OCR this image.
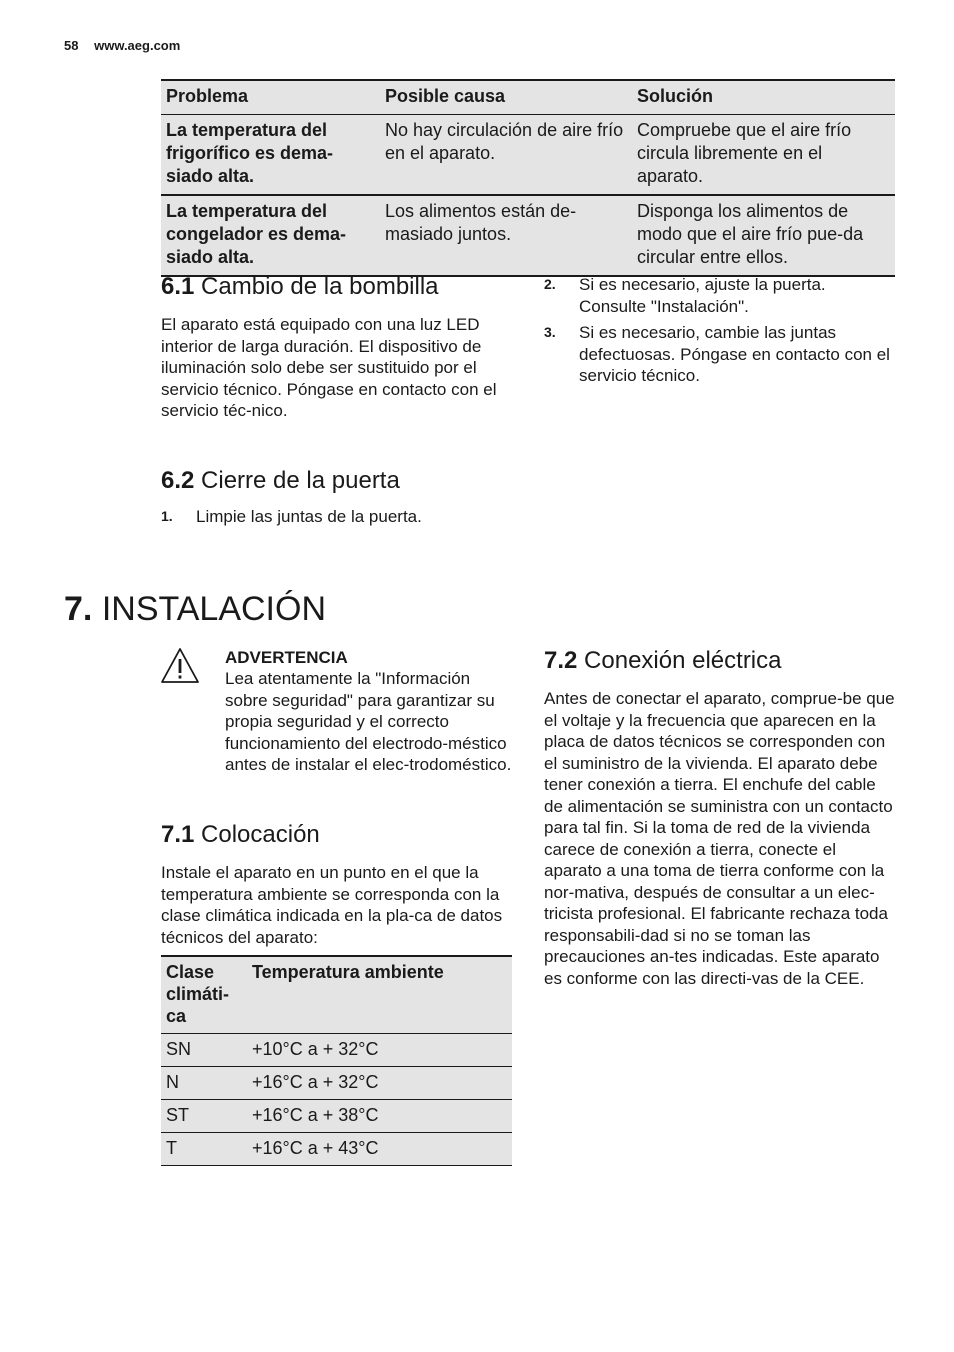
58 www.aeg.com
Problema	Posible causa	Solución
La temperatura del frigorífico es dema-siado alta.	No hay circulación de aire frío en el aparato.	Compruebe que el aire frío circula libremente en el aparato.
La temperatura del congelador es dema-siado alta.	Los alimentos están de-masiado juntos.	Disponga los alimentos de modo que el aire frío pue-da circular entre ellos.
6.1 Cambio de la bombilla
El aparato está equipado con una luz LED interior de larga duración. El dispositivo de iluminación solo debe ser sustituido por el servicio técnico. Póngase en contacto con el servicio téc-nico.
6.2 Cierre de la puerta
1. Limpie las juntas de la puerta.
2. Si es necesario, ajuste la puerta. Consulte "Instalación".
3. Si es necesario, cambie las juntas defectuosas. Póngase en contacto con el servicio técnico.
7. INSTALACIÓN
ADVERTENCIA
Lea atentamente la "Información sobre seguridad" para garantizar su propia seguridad y el correcto funcionamiento del electrodo-méstico antes de instalar el elec-trodoméstico.
7.1 Colocación
Instale el aparato en un punto en el que la temperatura ambiente se corresponda con la clase climática indicada en la pla-ca de datos técnicos del aparato:
Clase climáti-ca	Temperatura ambiente
SN	+10°C a + 32°C
N	+16°C a + 32°C
ST	+16°C a + 38°C
T	+16°C a + 43°C
7.2 Conexión eléctrica
Antes de conectar el aparato, comprue-be que el voltaje y la frecuencia que aparecen en la placa de datos técnicos se corresponden con el suministro de la vivienda. El aparato debe tener conexión a tierra. El enchufe del cable de alimentación se suministra con un contacto para tal fin. Si la toma de red de la vivienda carece de conexión a tierra, conecte el aparato a una toma de tierra conforme con la nor-mativa, después de consultar a un elec-tricista profesional. El fabricante rechaza toda responsabili-dad si no se toman las precauciones an-tes indicadas. Este aparato es conforme con las directi-vas de la CEE.
